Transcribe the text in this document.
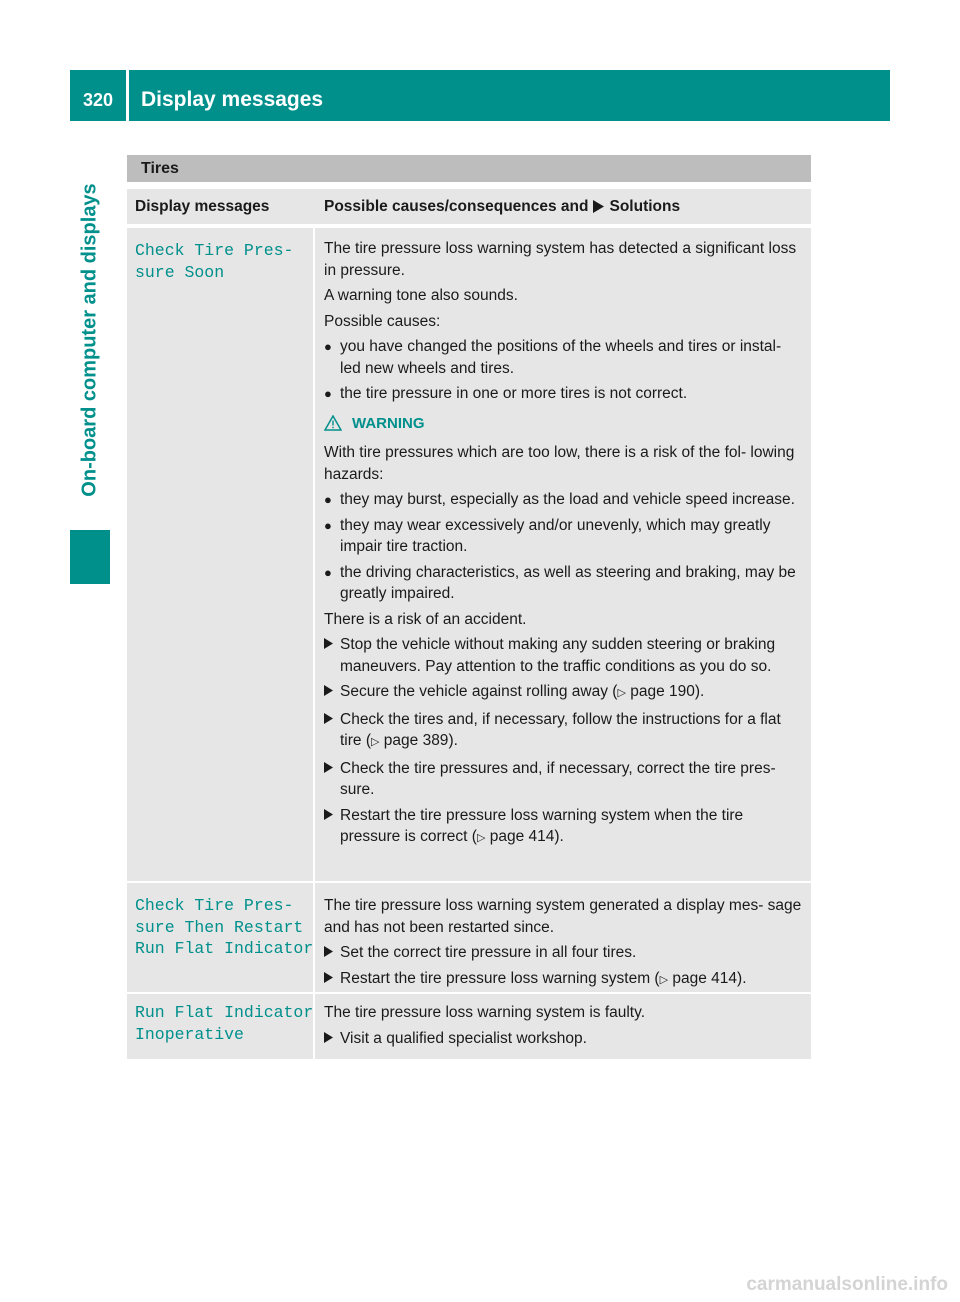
320	Display messages
On-board computer and displays
Tires
Display messages	Possible causes/consequences and Solutions
Check Tire Pres‐
sure Soon
The tire pressure loss warning system has detected a significant loss in pressure.
A warning tone also sounds.
Possible causes:
● you have changed the positions of the wheels and tires or instal‐ led new wheels and tires.
● the tire pressure in one or more tires is not correct.
WARNING
With tire pressures which are too low, there is a risk of the fol‐ lowing hazards:
● they may burst, especially as the load and vehicle speed increase.
● they may wear excessively and/or unevenly, which may greatly impair tire traction.
● the driving characteristics, as well as steering and braking, may be greatly impaired.
There is a risk of an accident.
Stop the vehicle without making any sudden steering or braking maneuvers. Pay attention to the traffic conditions as you do so.
Secure the vehicle against rolling away (▷ page 190).
Check the tires and, if necessary, follow the instructions for a flat tire (▷ page 389).
Check the tire pressures and, if necessary, correct the tire pres‐ sure.
Restart the tire pressure loss warning system when the tire pressure is correct (▷ page 414).
Check Tire Pres‐
sure Then Restart
Run Flat Indicator
The tire pressure loss warning system generated a display mes‐ sage and has not been restarted since.
Set the correct tire pressure in all four tires.
Restart the tire pressure loss warning system (▷ page 414).
Run Flat Indicator
Inoperative
The tire pressure loss warning system is faulty.
Visit a qualified specialist workshop.
carmanualsonline.info
